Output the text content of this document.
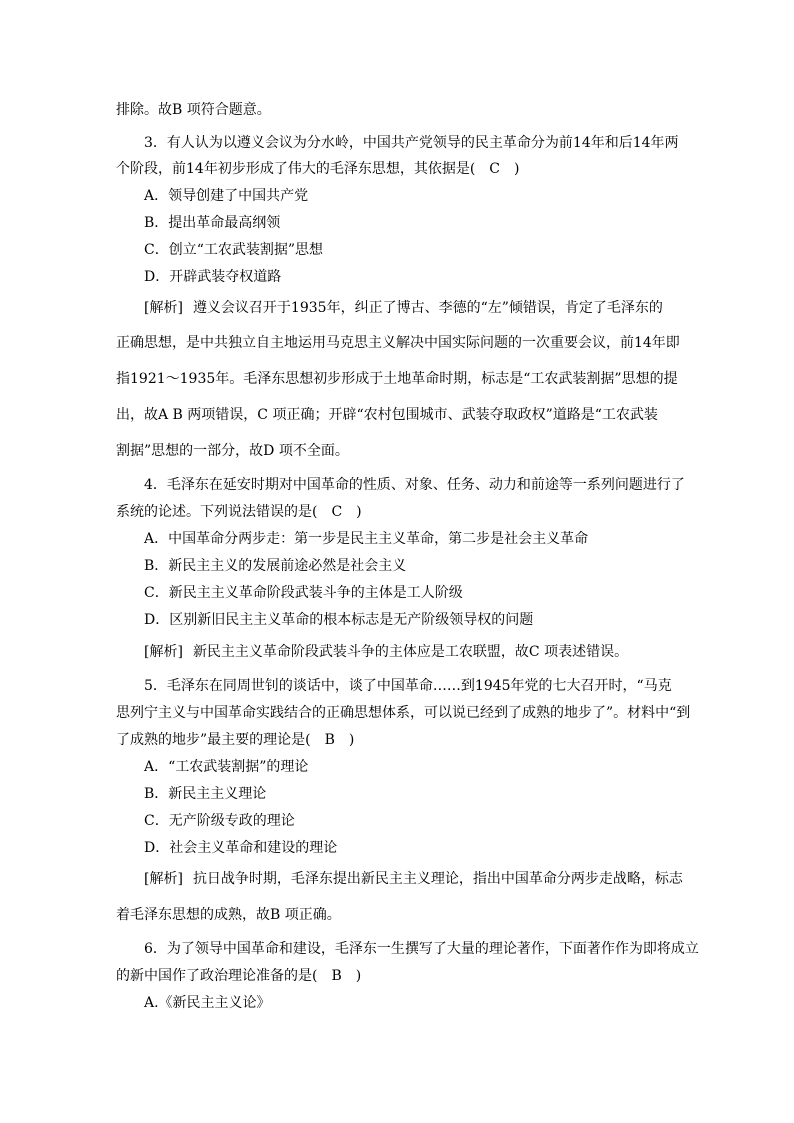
排除。故B 项符合题意。
3．有人认为以遵义会议为分水岭，中国共产党领导的民主革命分为前14年和后14年两
个阶段，前14年初步形成了伟大的毛泽东思想，其依据是(　C　)
A．领导创建了中国共产党
B．提出革命最高纲领
C．创立“工农武装割据”思想
D．开辟武装夺权道路
[解析] 遵义会议召开于1935年，纠正了博古、李德的“左”倾错误，肯定了毛泽东的
正确思想，是中共独立自主地运用马克思主义解决中国实际问题的一次重要会议，前14年即
指1921～1935年。毛泽东思想初步形成于土地革命时期，标志是“工农武装割据”思想的提
出，故A B 两项错误，C 项正确；开辟“农村包围城市、武装夺取政权”道路是“工农武装
割据”思想的一部分，故D 项不全面。
4．毛泽东在延安时期对中国革命的性质、对象、任务、动力和前途等一系列问题进行了
系统的论述。下列说法错误的是(　C　)
A．中国革命分两步走：第一步是民主主义革命，第二步是社会主义革命
B．新民主主义的发展前途必然是社会主义
C．新民主主义革命阶段武装斗争的主体是工人阶级
D．区别新旧民主主义革命的根本标志是无产阶级领导权的问题
[解析] 新民主主义革命阶段武装斗争的主体应是工农联盟，故C 项表述错误。
5．毛泽东在同周世钊的谈话中，谈了中国革命……到1945年党的七大召开时，“马克
思列宁主义与中国革命实践结合的正确思想体系，可以说已经到了成熟的地步了”。材料中“到
了成熟的地步”最主要的理论是(　B　)
A．“工农武装割据”的理论
B．新民主主义理论
C．无产阶级专政的理论
D．社会主义革命和建设的理论
[解析] 抗日战争时期，毛泽东提出新民主主义理论，指出中国革命分两步走战略，标志
着毛泽东思想的成熟，故B 项正确。
6．为了领导中国革命和建设，毛泽东一生撰写了大量的理论著作，下面著作作为即将成立
的新中国作了政治理论准备的是(　B　)
A.《新民主主义论》
